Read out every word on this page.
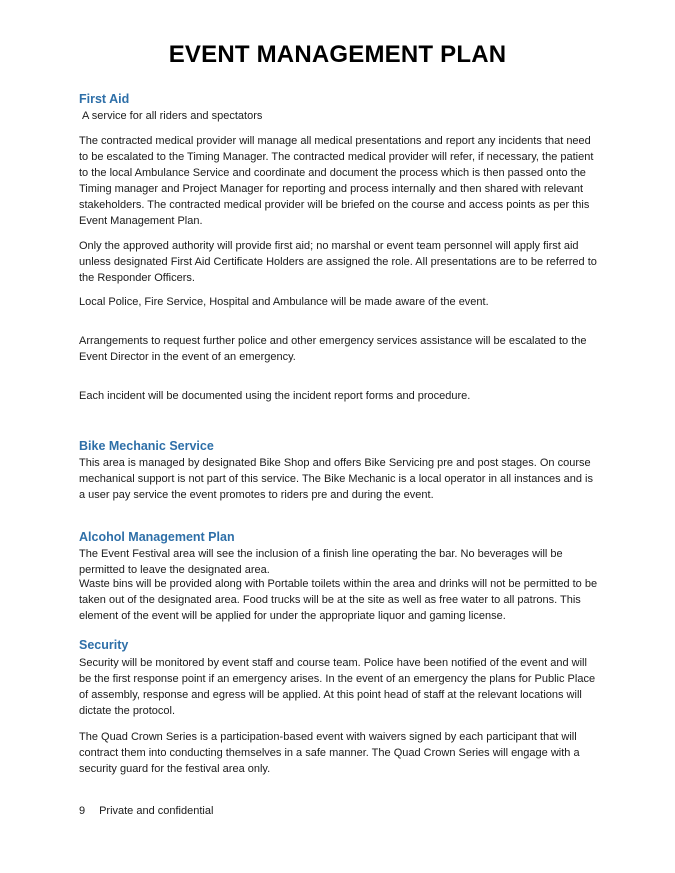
EVENT MANAGEMENT PLAN
First Aid
A service for all riders and spectators

The contracted medical provider will manage all medical presentations and report any incidents that need to be escalated to the Timing Manager. The contracted medical provider will refer, if necessary, the patient to the local Ambulance Service and coordinate and document the process which is then passed onto the Timing manager and Project Manager for reporting and process internally and then shared with relevant stakeholders. The contracted medical provider will be briefed on the course and access points as per this Event Management Plan.

Only the approved authority will provide first aid; no marshal or event team personnel will apply first aid unless designated First Aid Certificate Holders are assigned the role. All presentations are to be referred to the Responder Officers.

Local Police, Fire Service, Hospital and Ambulance will be made aware of the event.

Arrangements to request further police and other emergency services assistance will be escalated to the Event Director in the event of an emergency.

Each incident will be documented using the incident report forms and procedure.

Bike Mechanic Service

This area is managed by designated Bike Shop and offers Bike Servicing pre and post stages. On course mechanical support is not part of this service. The Bike Mechanic is a local operator in all instances and is a user pay service the event promotes to riders pre and during the event.

Alcohol Management Plan

The Event Festival area will see the inclusion of a finish line operating the bar. No beverages will be permitted to leave the designated area.

Waste bins will be provided along with Portable toilets within the area and drinks will not be permitted to be taken out of the designated area. Food trucks will be at the site as well as free water to all patrons. This element of the event will be applied for under the appropriate liquor and gaming license.

Security

Security will be monitored by event staff and course team. Police have been notified of the event and will be the first response point if an emergency arises. In the event of an emergency the plans for Public Place of assembly, response and egress will be applied. At this point head of staff at the relevant locations will dictate the protocol.

The Quad Crown Series is a participation-based event with waivers signed by each participant that will contract them into conducting themselves in a safe manner. The Quad Crown Series will engage with a security guard for the festival area only.

9 Private and confidential
